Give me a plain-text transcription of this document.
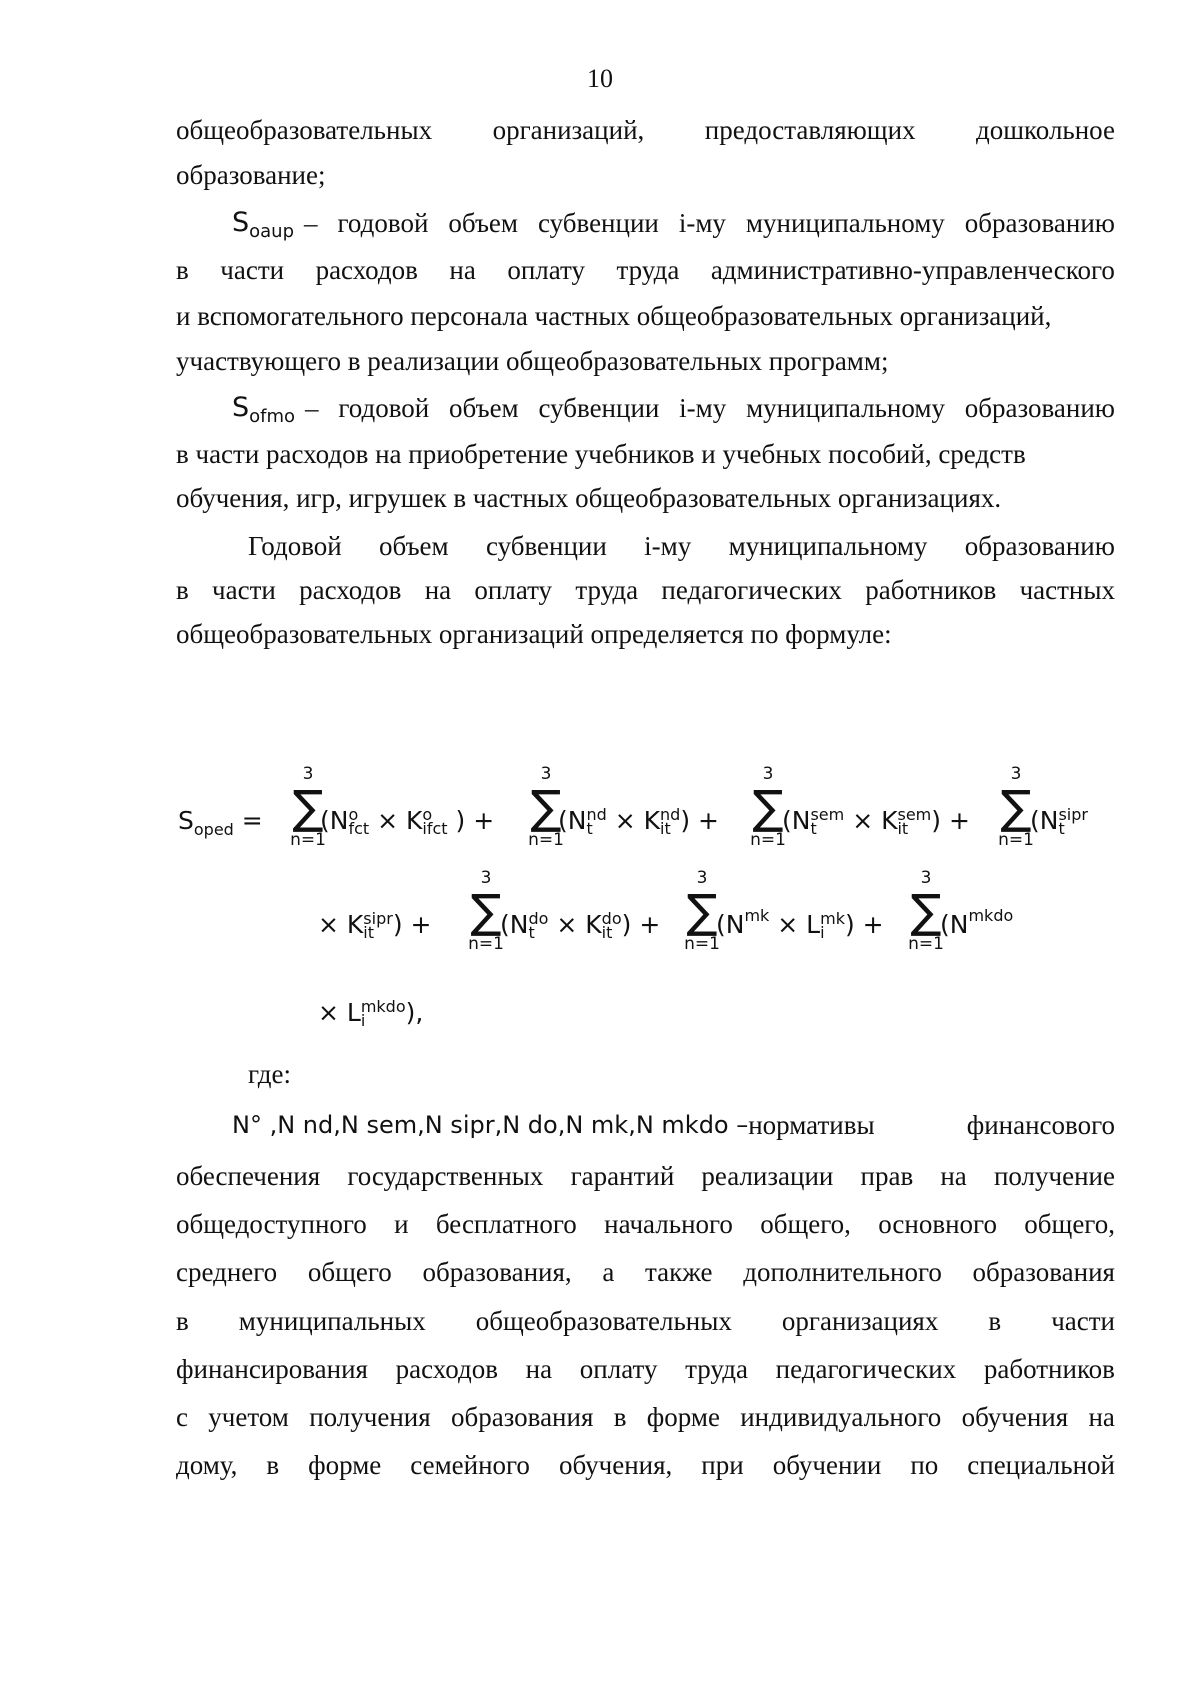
10
общеобразовательных организаций, предоставляющих дошкольное
образование;
$S_{oaup}$ – годовой объем субвенции i-му муниципальному образованию
в части расходов на оплату труда административно-управленческого
и вспомогательного персонала частных общеобразовательных организаций,
участвующего в реализации общеобразовательных программ;
$S_{ofmo}$ – годовой объем субвенции i-му муниципальному образованию
в части расходов на приобретение учебников и учебных пособий, средств
обучения, игр, игрушек в частных общеобразовательных организациях.
Годовой объем субвенции i-му муниципальному образованию
в части расходов на оплату труда педагогических работников частных
общеобразовательных организаций определяется по формуле:
$S_{oped}$ =
3
∑
n=1
(N o
fct × K o
ifct ) +
3
∑
n=1
(N nd
t × K nd
it ) +
3
∑
n=1
(N sem
t	× K sem
it ) +
3
∑
n=1
(N sipr
t
× K sipr
it ) +
3
∑
n=1
(N do
t × K do
it ) +
3
∑
n=1
($N^{mk} \times L$ mk
i ) +
3
∑
n=1
($N^{mkdo}$
× L mkdo
i	),
где:
N° ,N nd,N sem,N sipr,N do,N mk,N mkdo – нормативы	финансового
обеспечения государственных гарантий реализации прав на получение
общедоступного и бесплатного начального общего, основного общего,
среднего общего образования, а также дополнительного образования
в муниципальных общеобразовательных организациях в части
финансирования расходов на оплату труда педагогических работников
с учетом получения образования в форме индивидуального обучения на
дому, в форме семейного обучения, при обучении по специальной
